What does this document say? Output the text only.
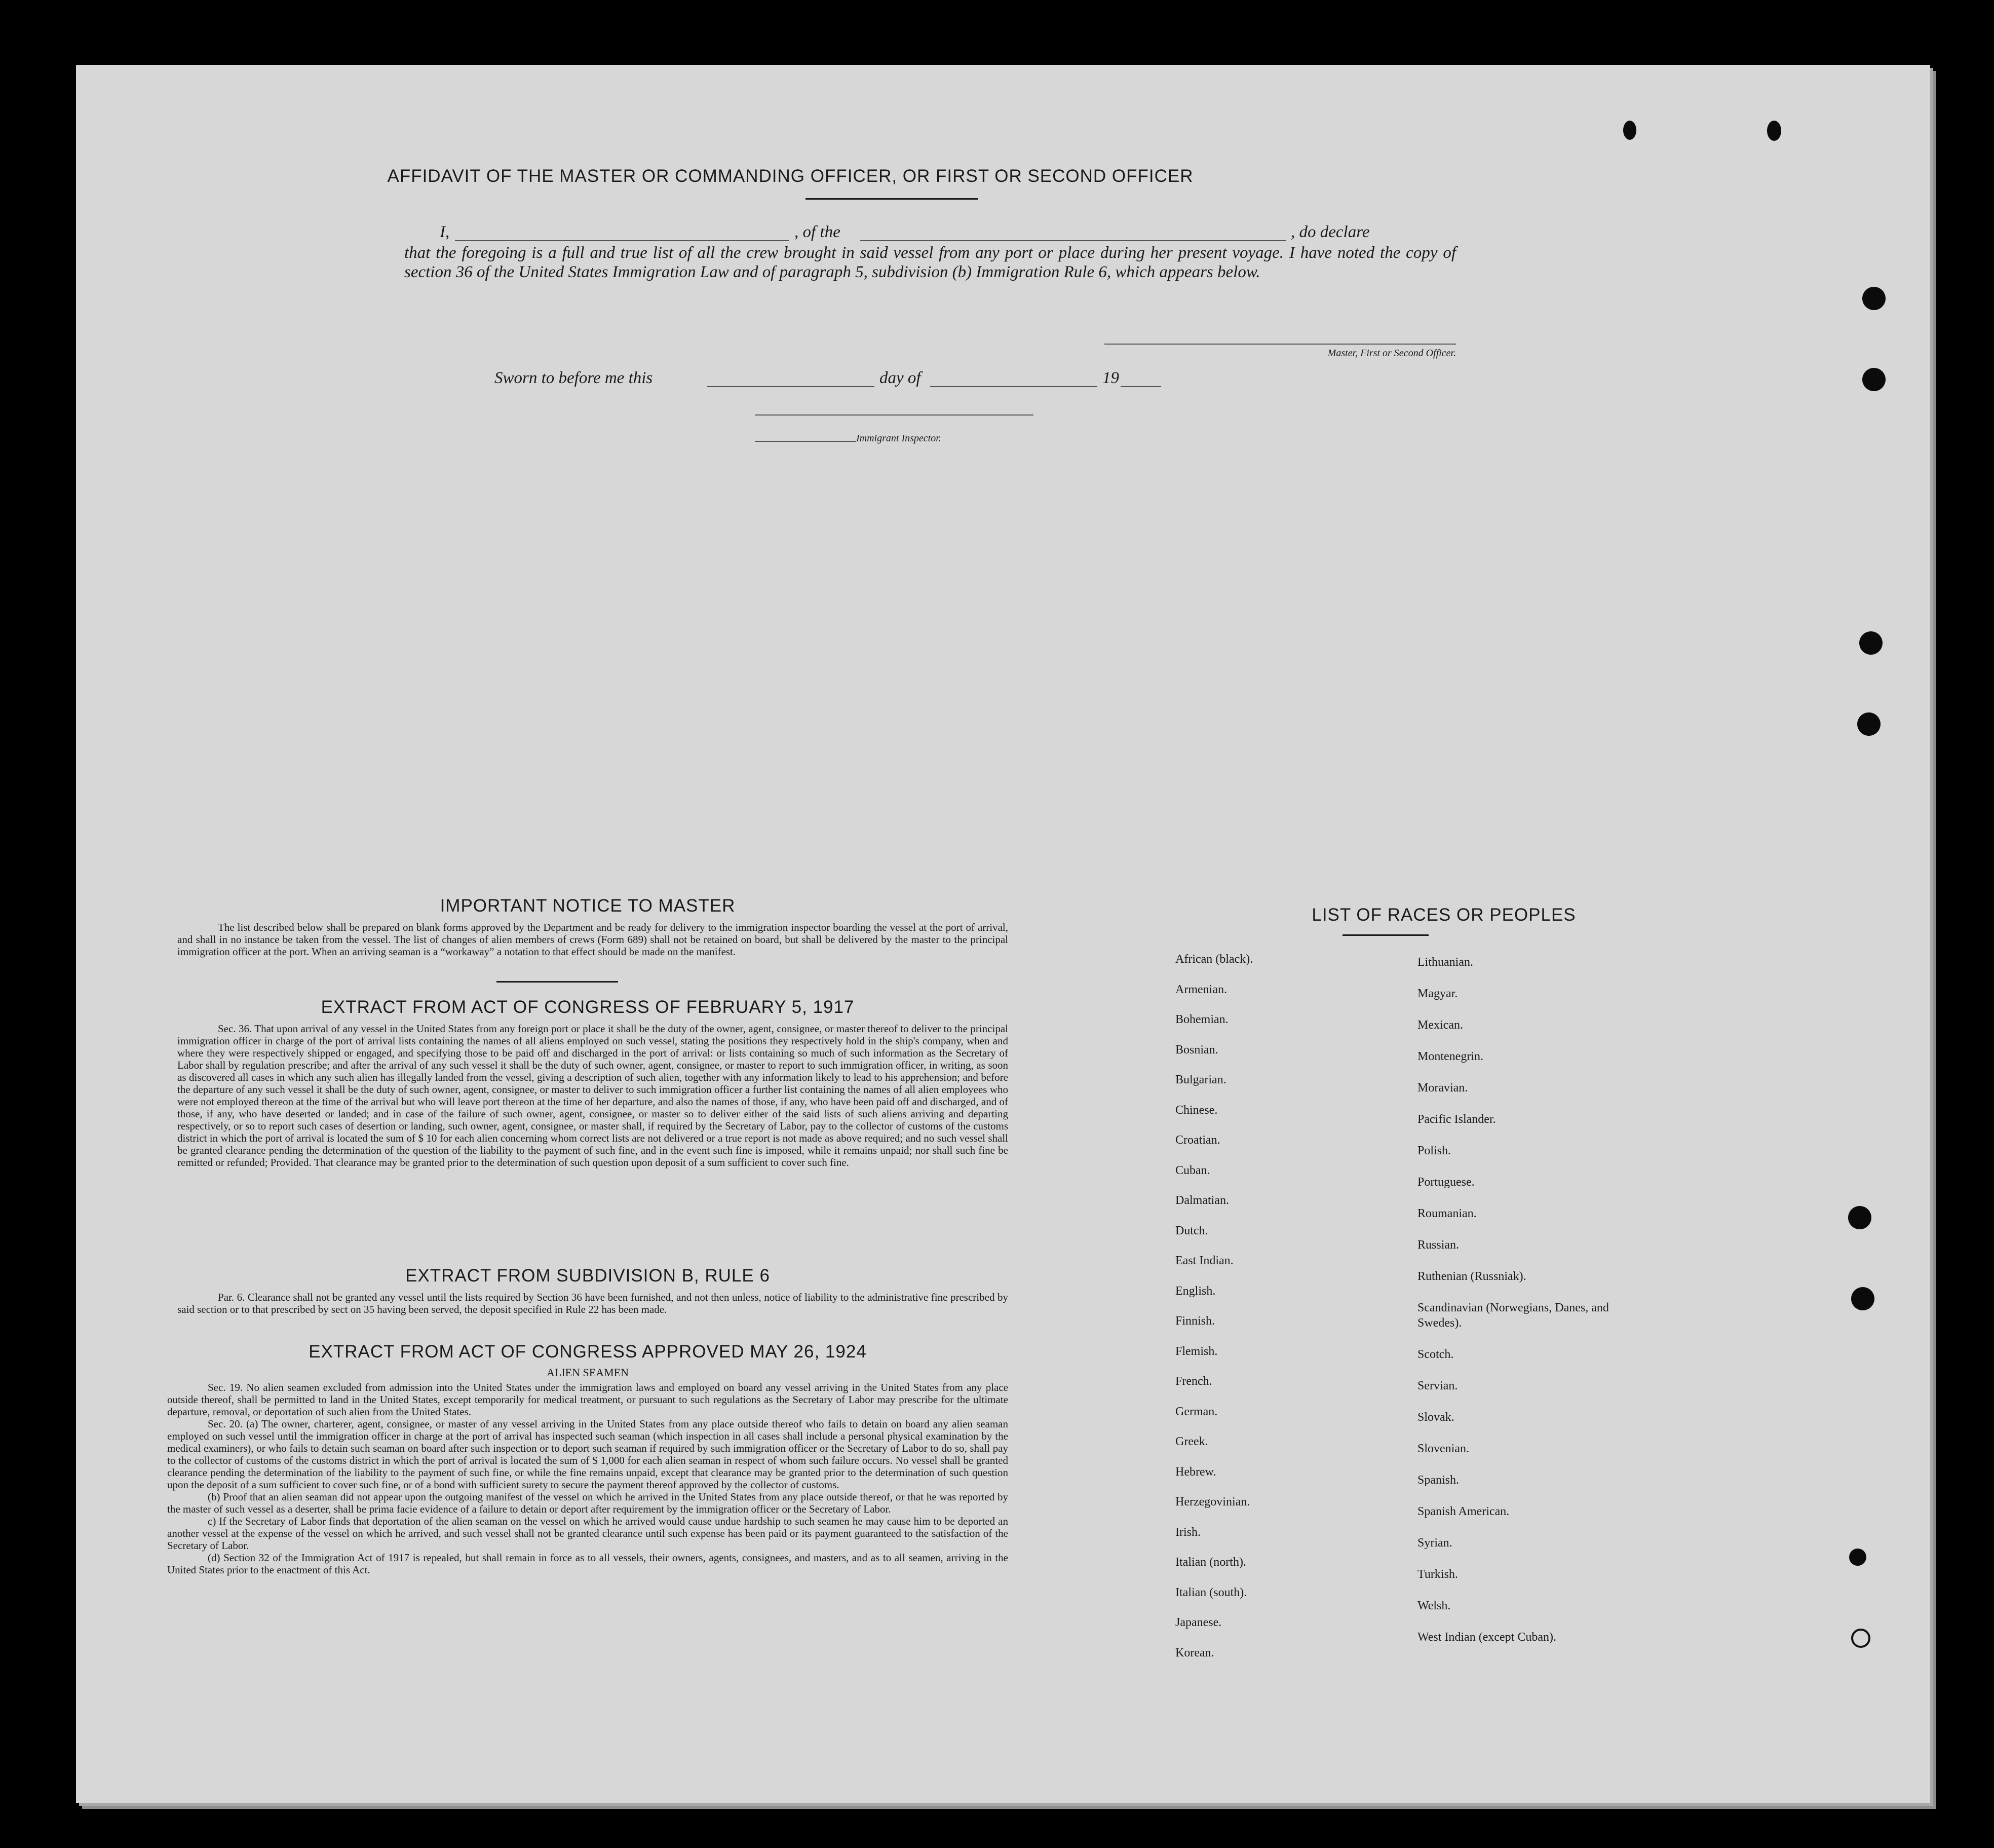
AFFIDAVIT OF THE MASTER OR COMMANDING OFFICER, OR FIRST OR SECOND OFFICER
I,	, of the	, do declare
that the foregoing is a full and true list of all the crew brought in said vessel from any port or place during her present voyage. I have noted the copy of section 36 of the United States Immigration Law and of paragraph 5, subdivision (b) Immigration Rule 6, which appears below.
Master, First or Second Officer.
Sworn to before me this	day of	19
Immigrant Inspector.
IMPORTANT NOTICE TO MASTER
The list described below shall be prepared on blank forms approved by the Department and be ready for delivery to the immigration inspector boarding the vessel at the port of arrival, and shall in no instance be taken from the vessel. The list of changes of alien members of crews (Form 689) shall not be retained on board, but shall be delivered by the master to the principal immigration officer at the port. When an arriving seaman is a “workaway” a notation to that effect should be made on the manifest.
EXTRACT FROM ACT OF CONGRESS OF FEBRUARY 5, 1917
Sec. 36. That upon arrival of any vessel in the United States from any foreign port or place it shall be the duty of the owner, agent, consignee, or master thereof to deliver to the principal immigration officer in charge of the port of arrival lists containing the names of all aliens employed on such vessel, stating the positions they respectively hold in the ship's company, when and where they were respectively shipped or engaged, and specifying those to be paid off and discharged in the port of arrival: or lists containing so much of such information as the Secretary of Labor shall by regulation prescribe; and after the arrival of any such vessel it shall be the duty of such owner, agent, consignee, or master to report to such immigration officer, in writing, as soon as discovered all cases in which any such alien has illegally landed from the vessel, giving a description of such alien, together with any information likely to lead to his apprehension; and before the departure of any such vessel it shall be the duty of such owner, agent, consignee, or master to deliver to such immigration officer a further list containing the names of all alien employees who were not employed thereon at the time of the arrival but who will leave port thereon at the time of her departure, and also the names of those, if any, who have been paid off and discharged, and of those, if any, who have deserted or landed; and in case of the failure of such owner, agent, consignee, or master so to deliver either of the said lists of such aliens arriving and departing respectively, or so to report such cases of desertion or landing, such owner, agent, consignee, or master shall, if required by the Secretary of Labor, pay to the collector of customs of the customs district in which the port of arrival is located the sum of $ 10 for each alien concerning whom correct lists are not delivered or a true report is not made as above required; and no such vessel shall be granted clearance pending the determination of the question of the liability to the payment of such fine, and in the event such fine is imposed, while it remains unpaid; nor shall such fine be remitted or refunded; Provided. That clearance may be granted prior to the determination of such question upon deposit of a sum sufficient to cover such fine.
EXTRACT FROM SUBDIVISION B, RULE 6
Par. 6. Clearance shall not be granted any vessel until the lists required by Section 36 have been furnished, and not then unless, notice of liability to the administrative fine prescribed by said section or to that prescribed by sect on 35 having been served, the deposit specified in Rule 22 has been made.
EXTRACT FROM ACT OF CONGRESS APPROVED MAY 26, 1924
ALIEN SEAMEN
Sec. 19. No alien seamen excluded from admission into the United States under the immigration laws and employed on board any vessel arriving in the United States from any place outside thereof, shall be permitted to land in the United States, except temporarily for medical treatment, or pursuant to such regulations as the Secretary of Labor may prescribe for the ultimate departure, removal, or deportation of such alien from the United States.
Sec. 20. (a) The owner, charterer, agent, consignee, or master of any vessel arriving in the United States from any place outside thereof who fails to detain on board any alien seaman employed on such vessel until the immigration officer in charge at the port of arrival has inspected such seaman (which inspection in all cases shall include a personal physical examination by the medical examiners), or who fails to detain such seaman on board after such inspection or to deport such seaman if required by such immigration officer or the Secretary of Labor to do so, shall pay to the collector of customs of the customs district in which the port of arrival is located the sum of $ 1,000 for each alien seaman in respect of whom such failure occurs. No vessel shall be granted clearance pending the determination of the liability to the payment of such fine, or while the fine remains unpaid, except that clearance may be granted prior to the determination of such question upon the deposit of a sum sufficient to cover such fine, or of a bond with sufficient surety to secure the payment thereof approved by the collector of customs.
(b) Proof that an alien seaman did not appear upon the outgoing manifest of the vessel on which he arrived in the United States from any place outside thereof, or that he was reported by the master of such vessel as a deserter, shall be prima facie evidence of a failure to detain or deport after requirement by the immigration officer or the Secretary of Labor.
c) If the Secretary of Labor finds that deportation of the alien seaman on the vessel on which he arrived would cause undue hardship to such seamen he may cause him to be deported an another vessel at the expense of the vessel on which he arrived, and such vessel shall not be granted clearance until such expense has been paid or its payment guaranteed to the satisfaction of the Secretary of Labor.
(d) Section 32 of the Immigration Act of 1917 is repealed, but shall remain in force as to all vessels, their owners, agents, consignees, and masters, and as to all seamen, arriving in the United States prior to the enactment of this Act.
LIST OF RACES OR PEOPLES
African (black).
Armenian.
Bohemian.
Bosnian.
Bulgarian.
Chinese.
Croatian.
Cuban.
Dalmatian.
Dutch.
East Indian.
English.
Finnish.
Flemish.
French.
German.
Greek.
Hebrew.
Herzegovinian.
Irish.
Italian (north).
Italian (south).
Japanese.
Korean.
Lithuanian.
Magyar.
Mexican.
Montenegrin.
Moravian.
Pacific Islander.
Polish.
Portuguese.
Roumanian.
Russian.
Ruthenian (Russniak).
Scandinavian (Norwegians, Danes, and Swedes).
Scotch.
Servian.
Slovak.
Slovenian.
Spanish.
Spanish American.
Syrian.
Turkish.
Welsh.
West Indian (except Cuban).
